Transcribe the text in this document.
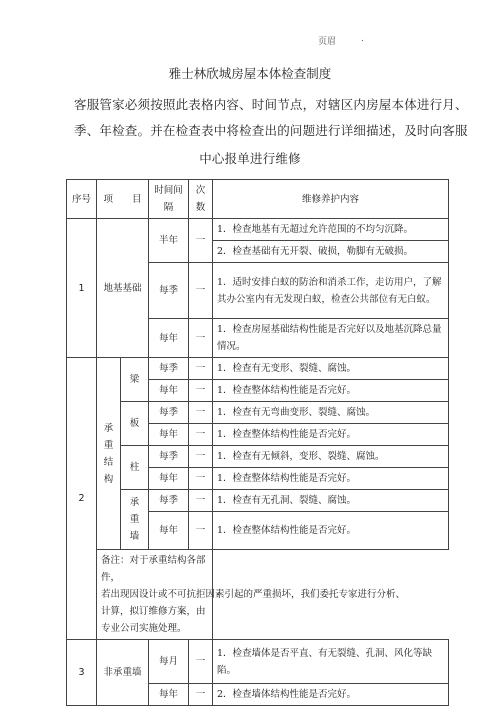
页眉	.
雅士林欣城房屋本体检查制度
客服管家必须按照此表格内容、时间节点，对辖区内房屋本体进行月、
季、年检查。并在检查表中将检查出的问题进行详细描述，及时向客服
中心报单进行维修
序号	项　　目		时间间隔	次数	维修养护内容
1	地基基础		半年	一	1．检查地基有无超过允许范围的不均匀沉降。
					2．检查基础有无开裂、破损，勒脚有无破损。
			每季	一	1．适时安排白蚁的防治和消杀工作，走访用户，了解其办公室内有无发现白蚁，检查公共部位有无白蚁。
			每年	一	1．检查房屋基础结构性能是否完好以及地基沉降总量情况。

2	承重结构	梁	每季	一	1．检查有无变形、裂缝、腐蚀。
			每年	一	1．检查整体结构性能是否完好。
		板	每季	一	1．检查有无弯曲变形、裂缝、腐蚀。
			每年	一	1．检查整体结构性能是否完好。
		柱	每季	一	1．检查有无倾斜，变形、裂缝、腐蚀。
			每年	一	1．检查整体结构性能是否完好。
		承重墙	每季	一	1．检查有无孔洞、裂缝、腐蚀。
			每年	一	1．检查整体结构性能是否完好。

	备注：对于承重结构各部件，
若出现因设计或不可抗拒因素引起的严重损坏，我们委托专家进行分析、
计算，拟订维修方案，由专业公司实施处理。				

3	非承重墙		每月	一	1．检查墙体是否平直、有无裂缝、孔洞、风化等缺陷。
			每年	一	2．检查墙体结构性能是否完好。
